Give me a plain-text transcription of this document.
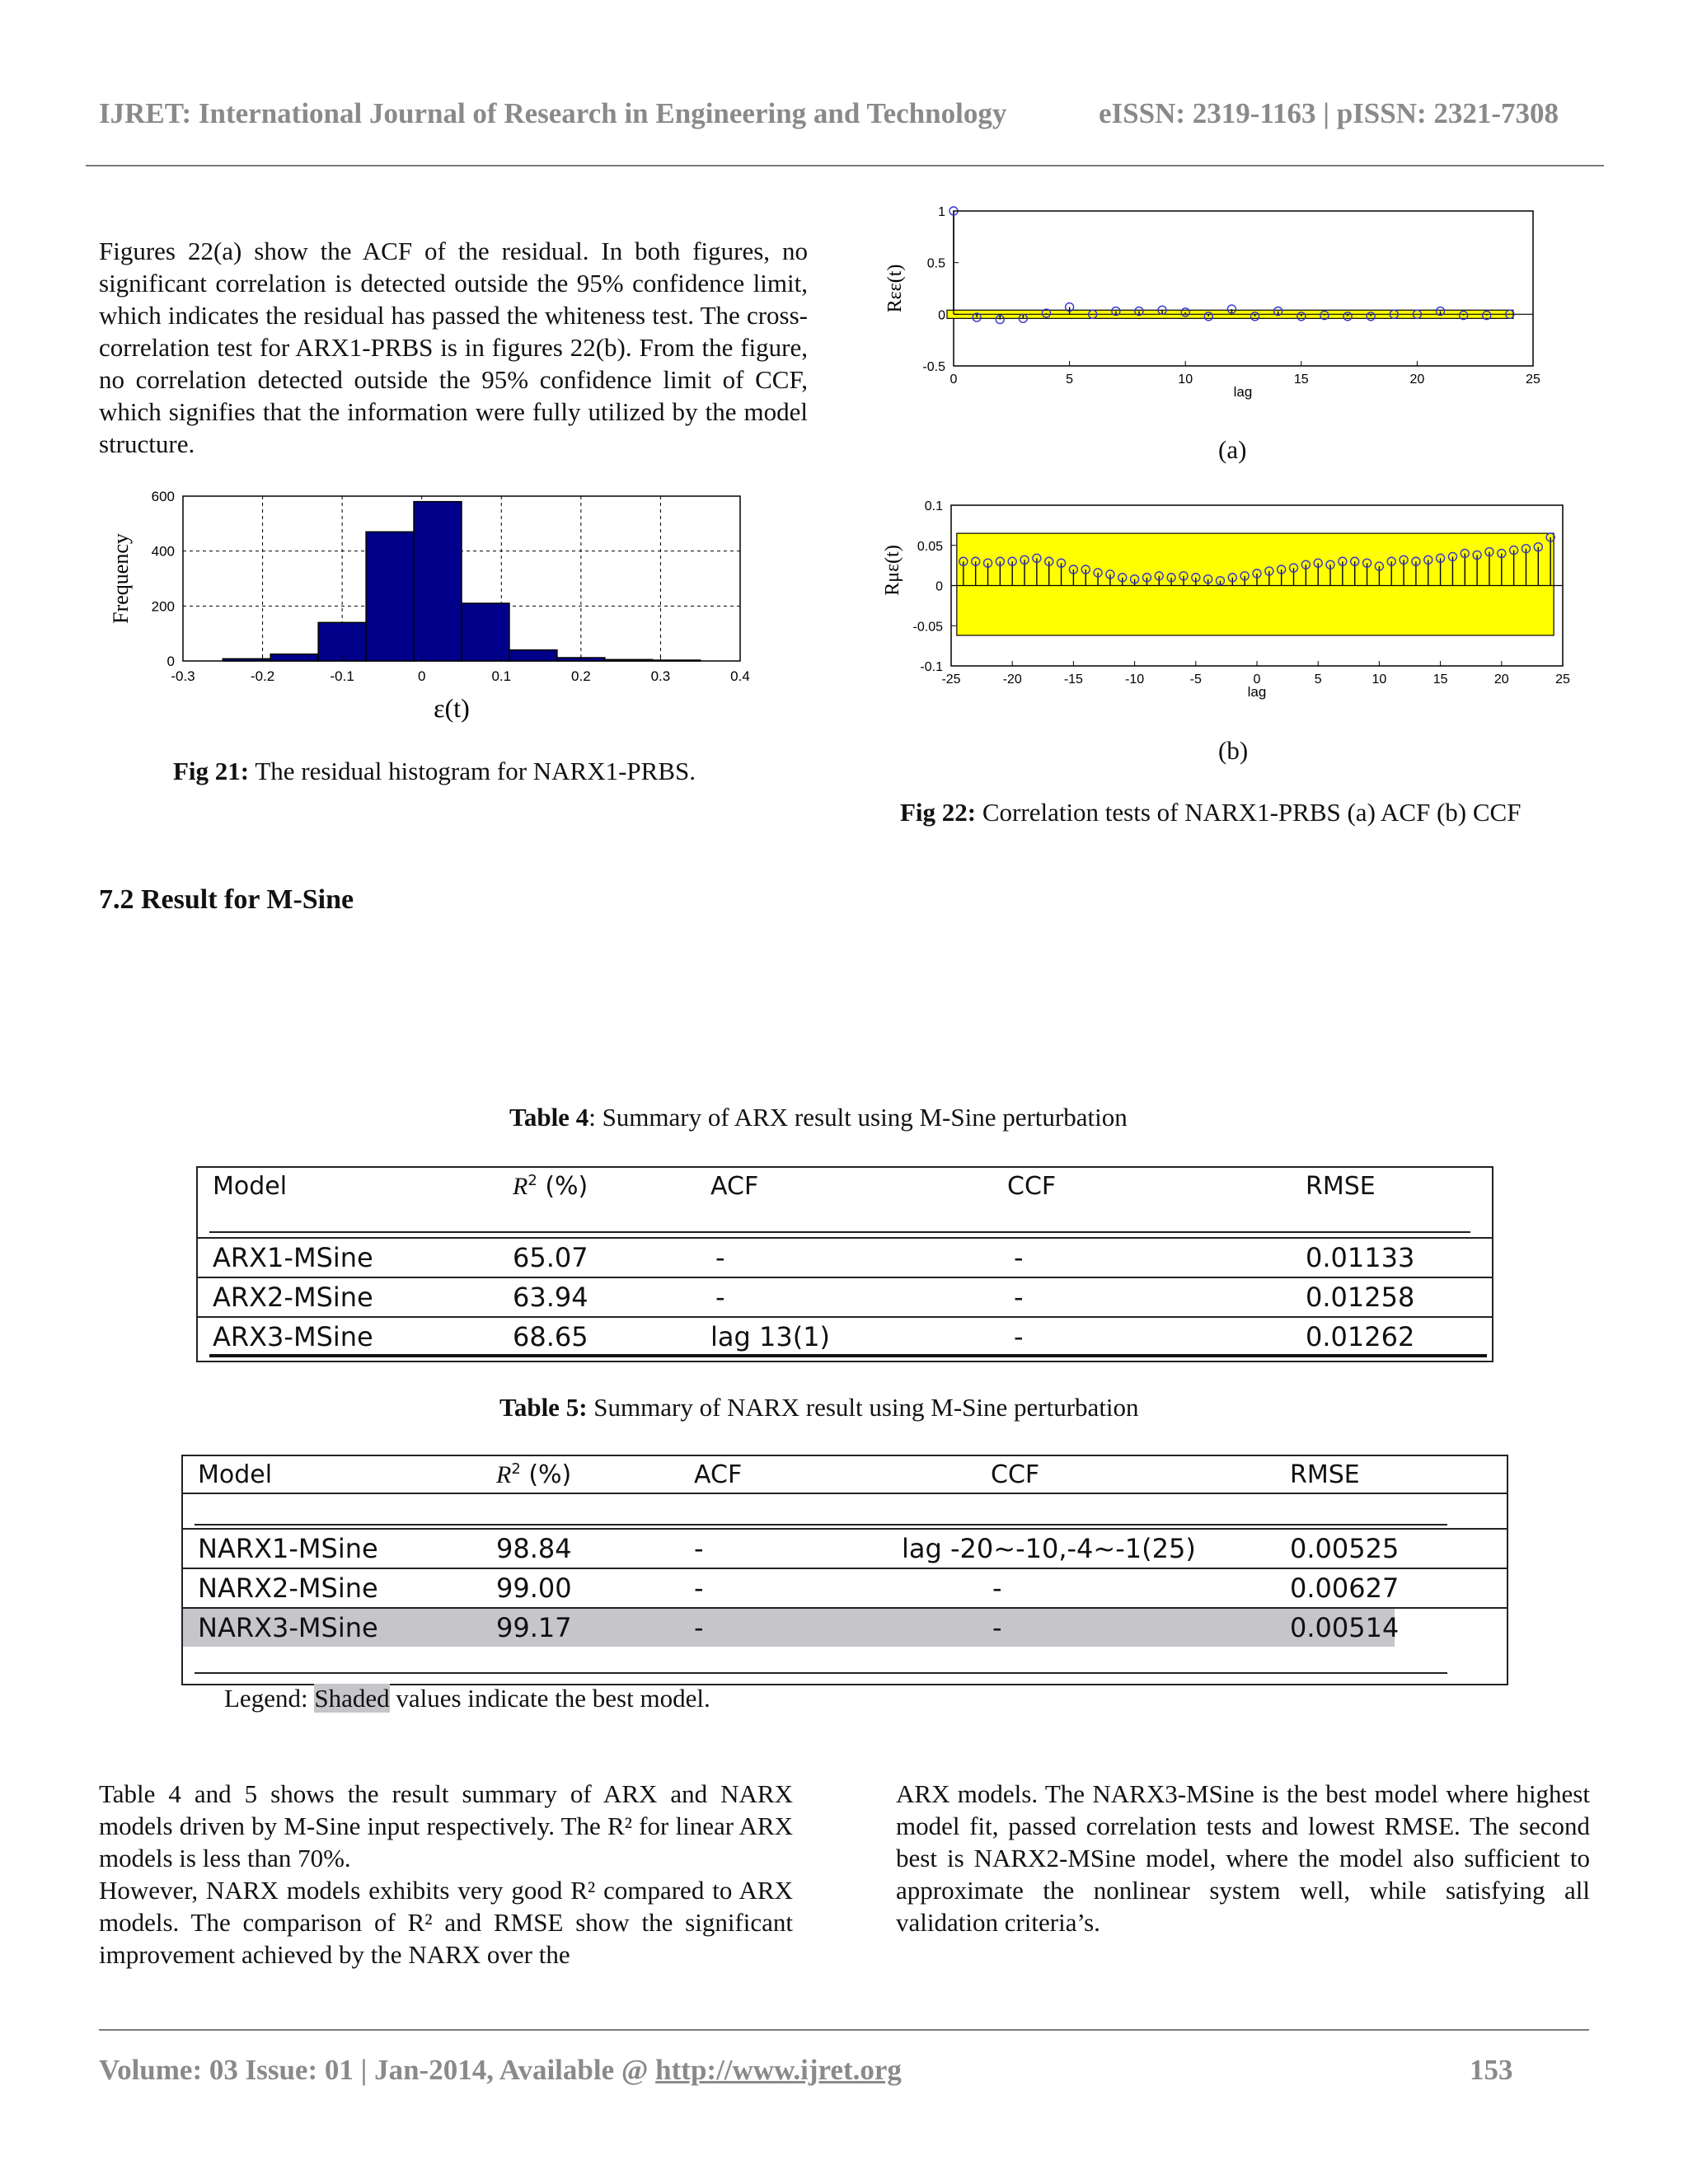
IJRET: International Journal of Research in Engineering and Technology	eISSN: 2319-1163 | pISSN: 2321-7308

Figures 22(a) show the ACF of the residual. In both figures, no significant correlation is detected outside the 95% confidence limit, which indicates the residual has passed the whiteness test. The cross-correlation test for ARX1-PRBS is in figures 22(b). From the figure, no correlation detected outside the 95% confidence limit of CCF, which signifies that the information were fully utilized by the model structure.

-0.3	-0.2	-0.1	0	0.1	0.2	0.3	0.4
0
200
400
600
Frequency
ε(t)
Fig 21: The residual histogram for NARX1-PRBS.
0	5	10	15	20	25
-0.5
0
0.5
1
Rεε(t)
lag
(a)
-25	-20	-15	-10	-5	0	5	10	15	20	25
-0.1
-0.05
0
0.05
0.1
Rμε(t)
lag
(b)
Fig 22: Correlation tests of NARX1-PRBS (a) ACF (b) CCF
7.2 Result for M-Sine
Table 4: Summary of ARX result using M-Sine perturbation
Model	$R^2$ (%)	ACF	CCF	RMSE
ARX1-MSine	65.07	-	-	0.01133
ARX2-MSine	63.94	-	-	0.01258
ARX3-MSine	68.65	lag 13(1)	-	0.01262
Table 5: Summary of NARX result using M-Sine perturbation
Model	$R^2$ (%)	ACF	CCF	RMSE
NARX1-MSine	98.84	-	lag -20~-10,-4~-1(25)	0.00525
NARX2-MSine	99.00	-	-	0.00627
NARX3-MSine	99.17	-	-	0.00514
Legend: Shaded values indicate the best model.

Table 4 and 5 shows the result summary of ARX and NARX models driven by M-Sine input respectively. The R² for linear ARX models is less than 70%.

However, NARX models exhibits very good R² compared to ARX models. The comparison of R² and RMSE show the significant improvement achieved by the NARX over the

ARX models. The NARX3-MSine is the best model where highest model fit, passed correlation tests and lowest RMSE. The second best is NARX2-MSine model, where the model also sufficient to approximate the nonlinear system well, while satisfying all validation criteria’s.

Volume: 03 Issue: 01 | Jan-2014, Available @ http://www.ijret.org	153
